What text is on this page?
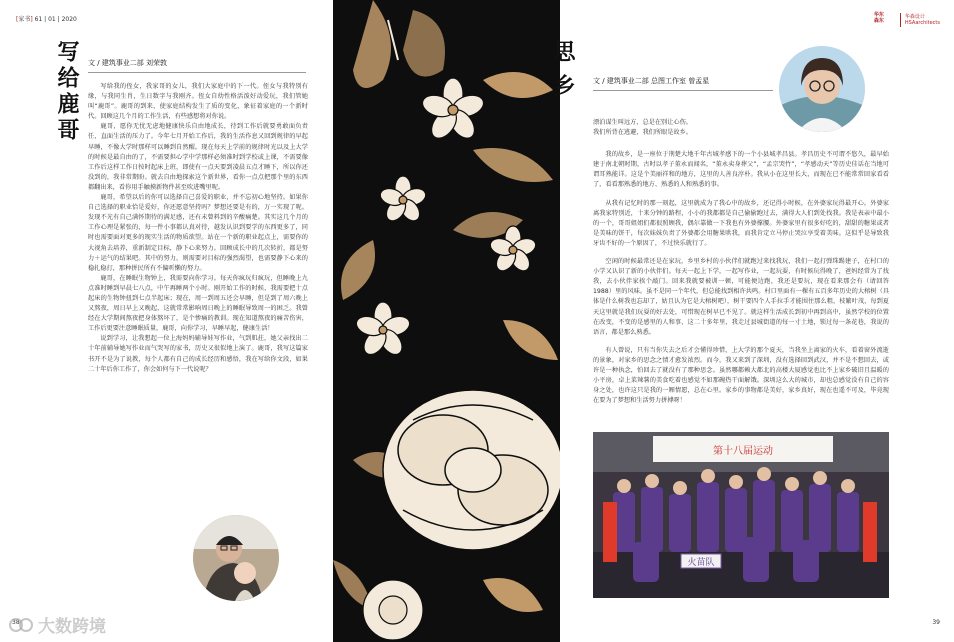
[家书] 61 | 01 | 2020
写给鹿哥	文 / 建筑事业二部 刘荣敦

写给我的侄女，我家哥的女儿，我们大家庭中的下一代。侄女与我特别有缘，与我同生肖，生日数字与我刚齐。侄女自幼性格活泼好动爱玩，我们管她叫“鹿哥”。鹿哥的到来，使家庭结构发生了质的变化，象征着家庭的一个新时代。回顾这几个月的工作生活，有些感想将对你说。

鹿哥，愿你无忧无虑地健康快乐自由地成长，待到工作后就要勇敢面负责任，直面生活的压力了。今年七月开始工作后，我的生活作息又回到规律的早起早睡，不像大学时那样可以睡到自然醒。现在每天上学前的规律时光以及上大学的时候是最自由的了，不需要担心学中学那样必须准时到学校或上课，不需要像工作后这样工作日按时起床上班，即使有一点天要到凌晨五点才睡下，所以你还没到的，我非常期盼。就去自由地探索这个新世界，看你一点点把那个里的东西都翻出来，看你用手触摸新物件甚至吹进嘴里呢。

鹿哥，希望以后的你可以选择自己喜爱的职业，并不忘初心地坚持。如果你自己选择的职业恰是爱好，你还愿意坚持吗？梦想还要是有的，万一实现了呢。发现不光有自己满怀期待的满足感，还有未曾料到的辛酸痛楚。其实这几个月的工作心理是紧张的，每一件小事都认真对待，越发认识到要学的东西更多了，同时也需要面对更多的现实生活的物质欲望。站在一个新的职业起点上，需要你的大视角去培养，重新制定目标，静下心来努力。回顾成长中的几次转折，都是努力＋运气的结果吧。其中的努力，则需要对目标的强烈渴望，也需要静下心来的稳扎稳打，那种拼民所有不偏听懒的努力。

鹿哥，在睡眠生物钟上，我需要向你学习。每天你疯玩归疯玩，但睡晚上九点准时睡到早晨七八点，中午再睡两个小时。刚开始工作的时候，我需要把十点起床的生物钟扭到七点半起床；现在，周一到周五还会早睡，但是到了周六晚上又熬夜，周日早上又晚起，这就常常影响周日晚上的睡眠导致周一的困乏。我曾经在大学期间熬夜把身体熬坏了，是个惨痛的教训。现在知道熬夜的痛苦伤害，工作后更要注意睡眠质量，鹿哥，向你学习，早睡早起，健康生活！

说到学习，让我想起一位上海妈妈辅导娃写作业，气到肌拄，她父亲找出二十年前辅导她写作业而气哭写的家书，历史又很似地上演了。鹿哥，我写这篇家书开不是为了说教，每个人都有自己的成长经历和感悟，我在写给你文段，如果二十年后你工作了，你会如何与下一代说呢？

38
华东
森东
华森设计
HSAarchitects
思乡	文 / 建筑事业二部 总图工作室 曾孟星

漂泊谋生叫远方，总是在别让心伤。

我们所背在逃避，我们所眼是故乡。

我的故乡，是一座位于荆楚大地千年古城孝感下的一个小县城孝昌县。孝昌历史不可谓不悠久，最早始建于南北朝时期，古时以孝子董永而闻名，“董永卖身葬父”，“孟宗哭竹”，“孝感动天”等历史佳话在当地可谓耳熟能详。这是个美丽祥和的地方，这里的人善良淳朴。我从小在这里长大，而现在已不能常常回家看看了，看看那熟悉的地方、熟悉的人和熟悉的事。

从我有记忆时的那一刻起，这里就成为了我心中的故乡，还记得小时候，在外婆家玩得最开心。外婆家离我家特别近，十来分钟的路程，小小的我都都是自己偷偷跑过去，满得大人们到处找我。我是表亲中最小的一个，哥哥姐姐们都很照顾我，偶尔靠做一下我也有外婆撑腰。外婆家里有很多好吃的，甜甜的糖果或者是美味的饼干，每次妹妹负责了外婆都会用糖果哄我，而我肯定立马停止哭泣享受着美味。这似乎是导致我牙齿不好的一个原因了，不过快乐就行了。

空闲的时候最常还是在家玩，乡里乡村的小伙伴们就跑过来找我玩，我们一起打弹珠踢建子，在村口的小学又认识了新的小伙伴们。每天一起上下学，一起写作业，一起玩耍，有时候玩得晚了，爸妈经常为了找我，去小伙伴家挨个敲门。回来我就要被训一顿，可能便边跑，我还是要玩，现在看来那会有（请回答1988）里的风味。虽不是同一个年代，但总能找到相许共鸣。村口里面有一棵有五百多年历史的大榕树（具体是什么树我也忘却了，姑且认为它是大榕树吧），树干要四个人手拉手才能围住那么粗，枝繁叶茂，每到夏天这里就是我们玩耍的好去处，可惜现在树早已不见了。就这样生活成长到初中再到高中，虽然学校的位置在改变，不变的是感里的人和事，这二十多年里，我走过县城街道的每一寸土地，锁过每一条花巷，我说的语言，都是那么熟悉。

有人曾说，只有当你失去之后才会懂得珍惜，上大学的那个夏天，当我坐上离家的火车，看着窗外流逝的景象，对家乡的思念之情才愈发浓烈。而今，我又来到了深圳，没有选择回到武汉，并不是不想回去，或许是一种执念，怕回去了就没有了那种思念。虽然哪都赖大都北的高楼大厦感觉也比不上家乡破旧且温暖的小平房，卓上菜辣薯的美食吃着也感觉不如那碗热干面解饿。深圳这么大的城市，却也总感觉没有自己的容身之处，也许这只是我的一厢情愿，总在心里。家乡的事物都是美好，家乡真好，现在也遥不可及，毕竟现在要为了梦想和生活努力拼搏呀！

第十八届运动
火苗队
39
大数跨境
